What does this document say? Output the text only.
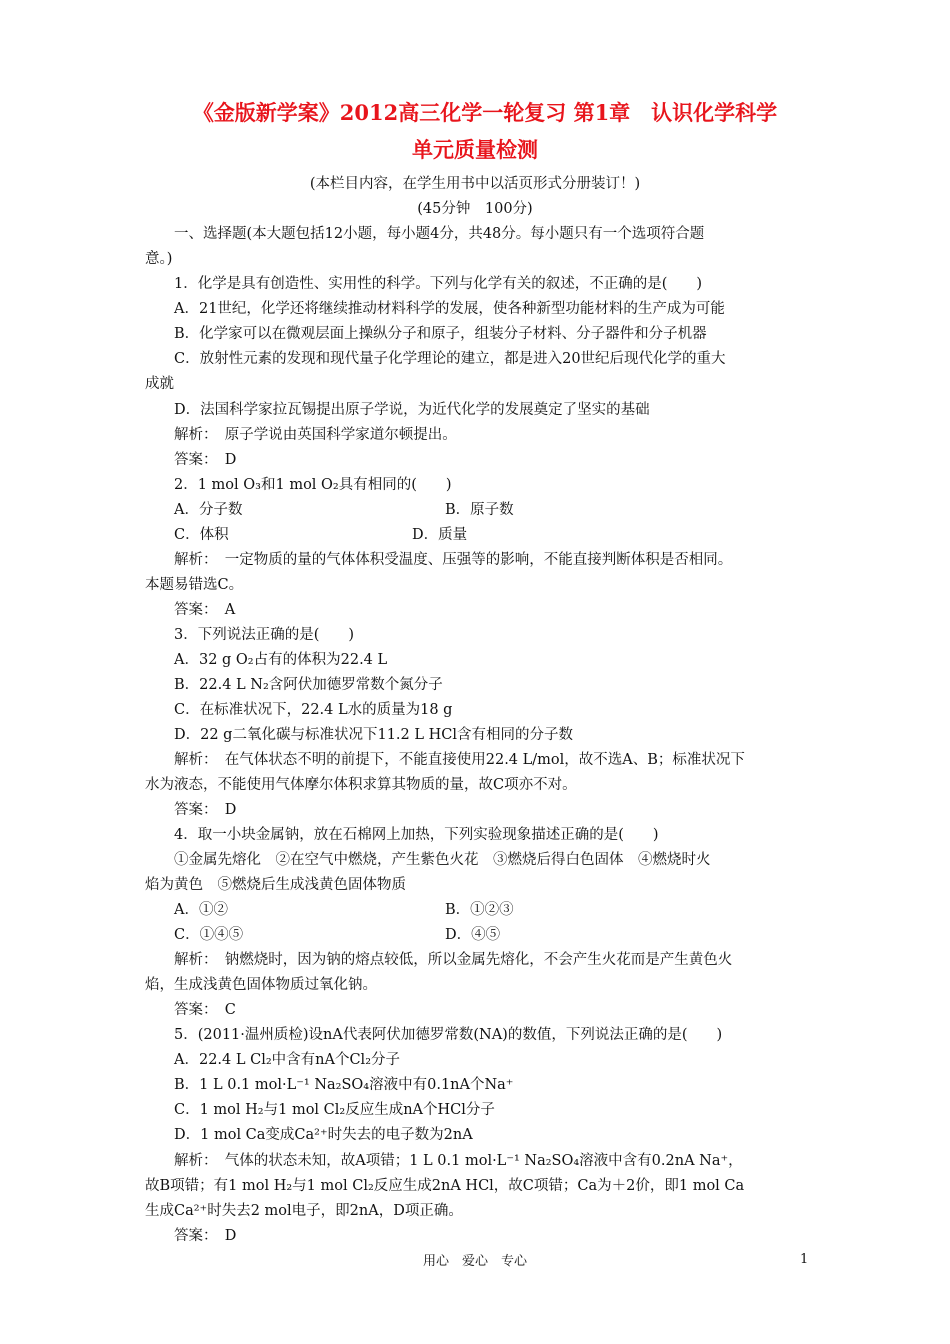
《金版新学案》2012高三化学一轮复习 第1章　认识化学科学
单元质量检测
(本栏目内容，在学生用书中以活页形式分册装订！)
(45分钟　100分)
一、选择题(本大题包括12小题，每小题4分，共48分。每小题只有一个选项符合题
意。)
1．化学是具有创造性、实用性的科学。下列与化学有关的叙述，不正确的是(　　)
A．21世纪，化学还将继续推动材料科学的发展，使各种新型功能材料的生产成为可能
B．化学家可以在微观层面上操纵分子和原子，组装分子材料、分子器件和分子机器
C．放射性元素的发现和现代量子化学理论的建立，都是进入20世纪后现代化学的重大
成就
D．法国科学家拉瓦锡提出原子学说，为近代化学的发展奠定了坚实的基础
解析：　原子学说由英国科学家道尔顿提出。
答案：　D
2．1 mol O₃和1 mol O₂具有相同的(　　)
A．分子数	B．原子数
C．体积	D．质量
解析：　一定物质的量的气体体积受温度、压强等的影响，不能直接判断体积是否相同。
本题易错选C。
答案：　A
3．下列说法正确的是(　　)
A．32 g O₂占有的体积为22.4 L
B．22.4 L N₂含阿伏加德罗常数个氮分子
C．在标准状况下，22.4 L水的质量为18 g
D．22 g二氧化碳与标准状况下11.2 L HCl含有相同的分子数
解析：　在气体状态不明的前提下，不能直接使用22.4 L/mol，故不选A、B；标准状况下
水为液态，不能使用气体摩尔体积求算其物质的量，故C项亦不对。
答案：　D
4．取一小块金属钠，放在石棉网上加热，下列实验现象描述正确的是(　　)
①金属先熔化　②在空气中燃烧，产生紫色火花　③燃烧后得白色固体　④燃烧时火
焰为黄色　⑤燃烧后生成浅黄色固体物质
A．①②	B．①②③
C．①④⑤	D．④⑤
解析：　钠燃烧时，因为钠的熔点较低，所以金属先熔化，不会产生火花而是产生黄色火
焰，生成浅黄色固体物质过氧化钠。
答案：　C
5．(2011·温州质检)设nA代表阿伏加德罗常数(NA)的数值，下列说法正确的是(　　)
A．22.4 L Cl₂中含有nA个Cl₂分子
B．1 L 0.1 mol·L⁻¹ Na₂SO₄溶液中有0.1nA个Na⁺
C．1 mol H₂与1 mol Cl₂反应生成nA个HCl分子
D．1 mol Ca变成Ca²⁺时失去的电子数为2nA
解析：　气体的状态未知，故A项错；1 L 0.1 mol·L⁻¹ Na₂SO₄溶液中含有0.2nA Na⁺，
故B项错；有1 mol H₂与1 mol Cl₂反应生成2nA HCl，故C项错；Ca为＋2价，即1 mol Ca
生成Ca²⁺时失去2 mol电子，即2nA，D项正确。
答案：　D
用心　爱心　专心	1
